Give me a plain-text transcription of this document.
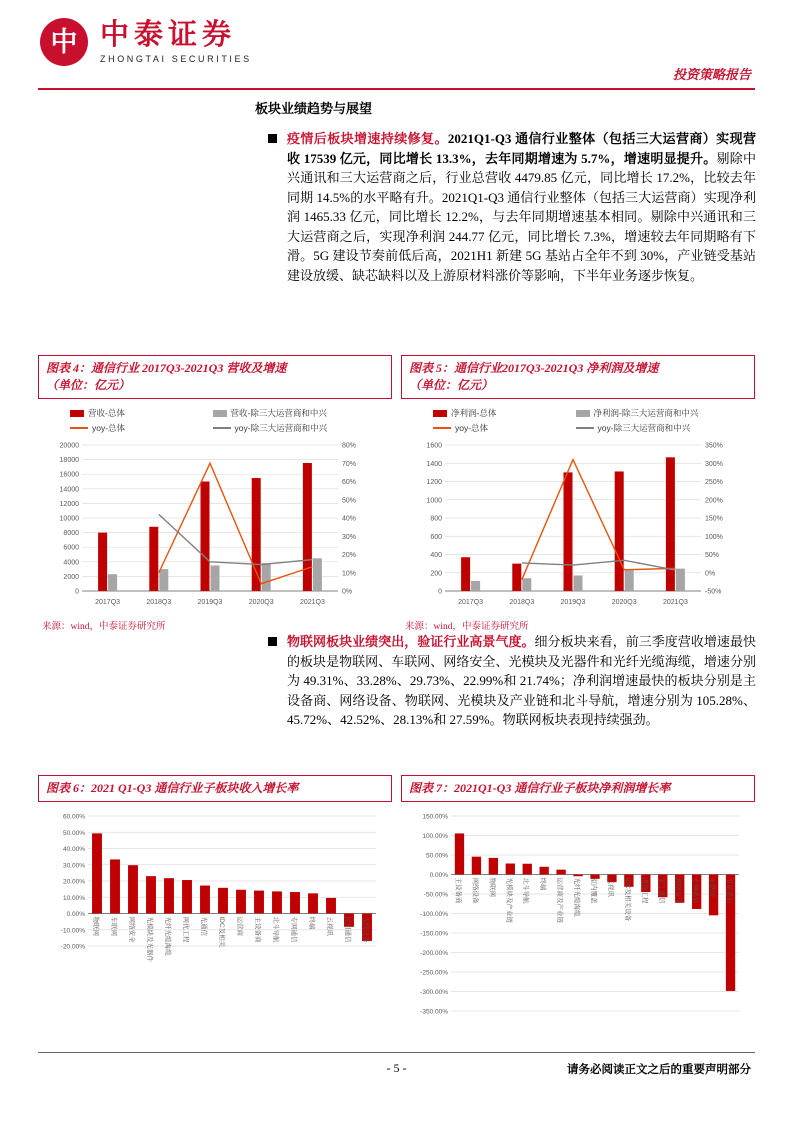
中 中泰证券
ZHONGTAI SECURITIES
投资策略报告
板块业绩趋势与展望
疫情后板块增速持续修复。2021Q1-Q3 通信行业整体（包括三大运营商）实现营收 17539 亿元，同比增长 13.3%，去年同期增速为 5.7%，增速明显提升。剔除中兴通讯和三大运营商之后，行业总营收 4479.85 亿元，同比增长 17.2%，比较去年同期 14.5%的水平略有升。2021Q1-Q3 通信行业整体（包括三大运营商）实现净利润 1465.33 亿元，同比增长 12.2%，与去年同期增速基本相同。剔除中兴通讯和三大运营商之后，实现净利润 244.77 亿元，同比增长 7.3%，增速较去年同期略有下滑。5G 建设节奏前低后高，2021H1 新建 5G 基站占全年不到 30%，产业链受基站建设放缓、缺芯缺料以及上游原材料涨价等影响，下半年业务逐步恢复。
图表 4：通信行业 2017Q3-2021Q3 营收及增速
（单位：亿元）
营收-总体	营收-除三大运营商和中兴
yoy-总体	yoy-除三大运营商和中兴
0
2000
4000
6000
8000
10000
12000
14000
16000
18000
20000
0%
10%
20%
30%
40%
50%
60%
70%
80%
2017Q3	2018Q3	2019Q3	2020Q3	2021Q3
来源：wind，中泰证券研究所
图表 5：通信行业2017Q3-2021Q3 净利润及增速
（单位：亿元）
净利润-总体	净利润-除三大运营商和中兴
yoy-总体	yoy-除三大运营商和中兴
0
200
400
600
800
1000
1200
1400
1600
-50%
0%
50%
100%
150%
200%
250%
300%
350%
2017Q3	2018Q3	2019Q3	2020Q3	2021Q3
来源：wind，中泰证券研究所
物联网板块业绩突出，验证行业高景气度。细分板块来看，前三季度营收增速最快的板块是物联网、车联网、网络安全、光模块及光器件和光纤光缆海缆，增速分别为 49.31%、33.28%、29.73%、22.99%和 21.74%；净利润增速最快的板块分别是主设备商、网络设备、物联网、光模块及产业链和北斗导航，增速分别为 105.28%、45.72%、42.52%、28.13%和 27.59%。物联网板块表现持续强劲。
图表 6：2021 Q1-Q3 通信行业子板块收入增长率
-20.00%
-10.00%
0.00%
10.00%
20.00%
30.00%
40.00%
50.00%
60.00%
物联网	车联网	网络安全	光模块及光器件	光纤光缆海缆	网优工程	光通信	IDC及相关	运营商	主设备商	北斗导航	专网通信	终端	云视讯	民用通信	无线设备
图表 7：2021Q1-Q3 通信行业子板块净利润增长率
-350.00%
-300.00%
-250.00%
-200.00%
-150.00%
-100.00%
-50.00%
0.00%
50.00%
100.00%
150.00%
主设备商	网络设备	物联网	光模块及产业链	北斗导航	终端	运营商及产业链	光纤光缆海缆	室内覆盖	云视讯	IDC及相关设备	网优工程	军工通信	网络安全	专网通信	车联网	卫星通信
- 5 -	请务必阅读正文之后的重要声明部分
